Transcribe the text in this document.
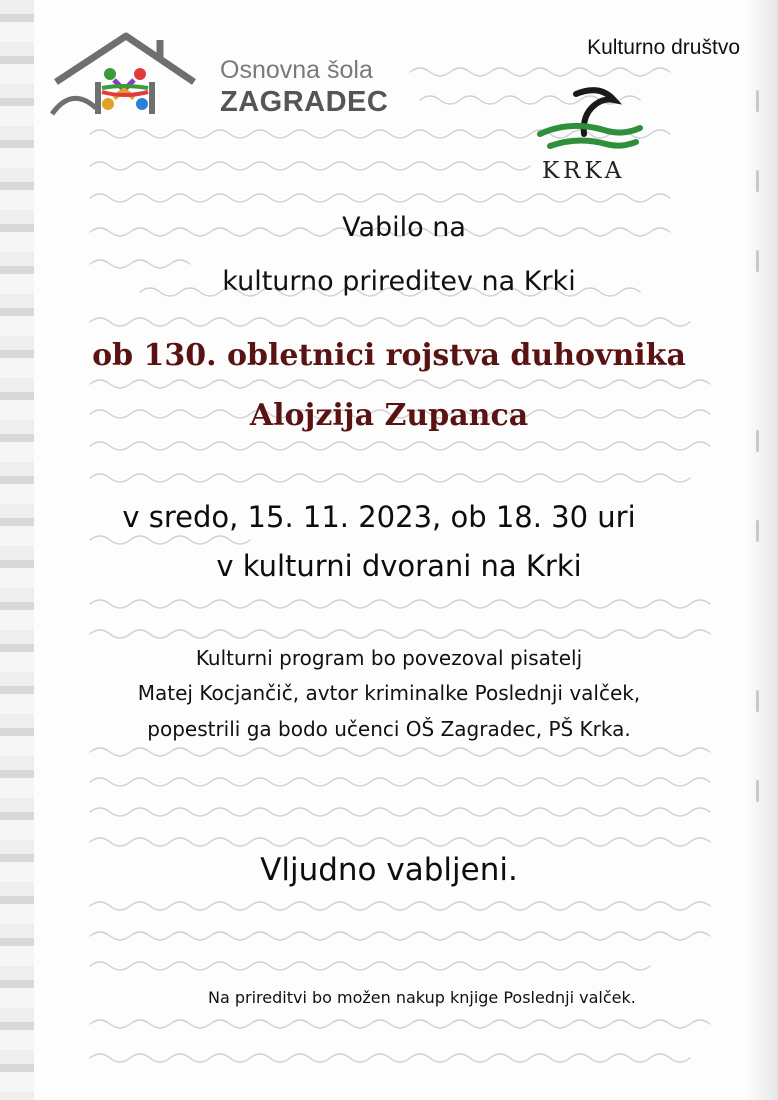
Osnovna šola
ZAGRADEC
Kulturno društvo
KRKA
Vabilo na
kulturno prireditev na Krki
ob 130. obletnici rojstva duhovnika
Alojzija Zupanca
v sredo, 15. 11. 2023, ob 18. 30 uri
v kulturni dvorani na Krki
Kulturni program bo povezoval pisatelj
Matej Kocjančič, avtor kriminalke Poslednji valček,
popestrili ga bodo učenci OŠ Zagradec, PŠ Krka.
Vljudno vabljeni.
Na prireditvi bo možen nakup knjige Poslednji valček.
